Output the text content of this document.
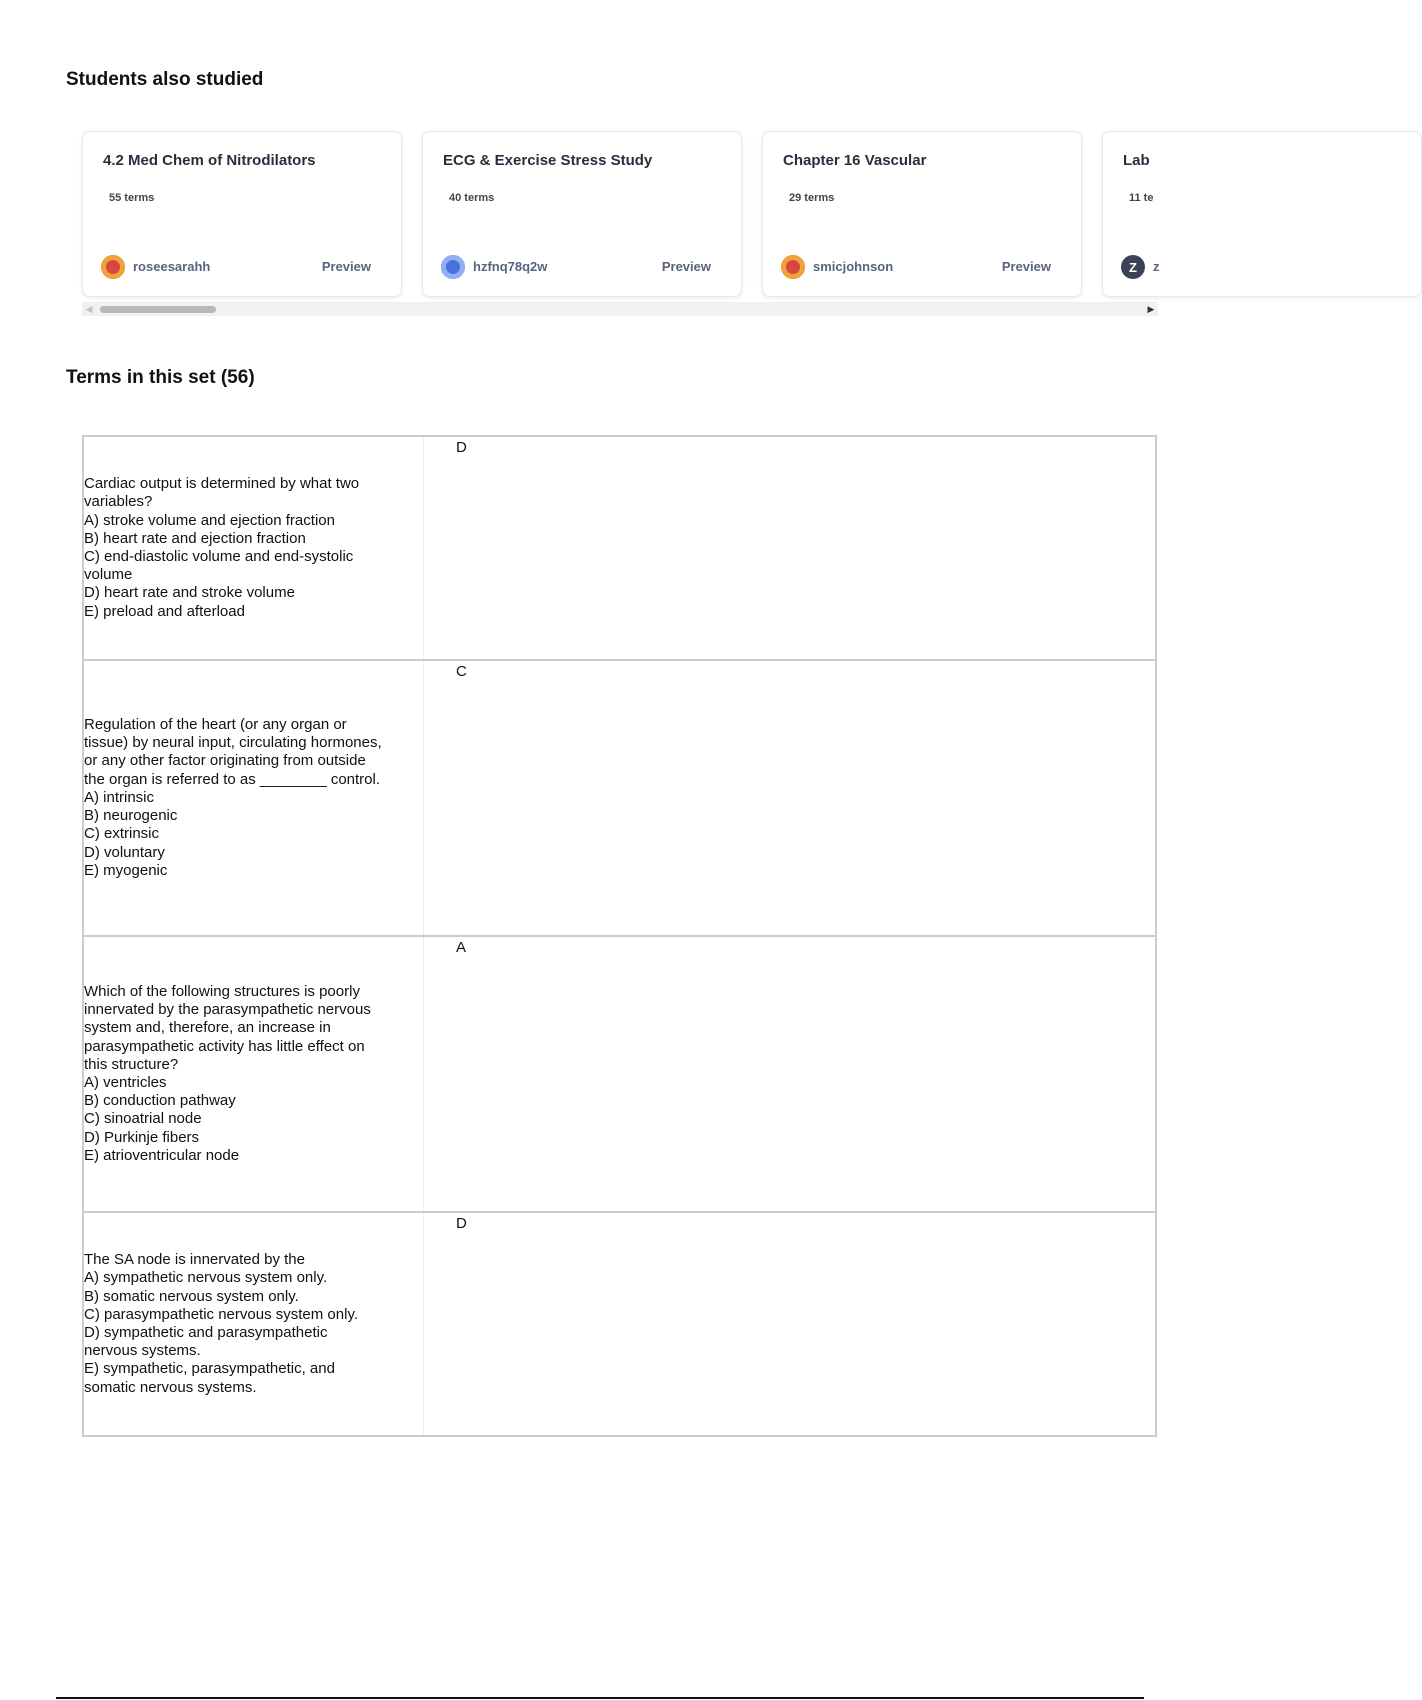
Students also studied
4.2 Med Chem of Nitrodilators
55 terms
roseesarahh	Preview
ECG & Exercise Stress Study
40 terms
hzfnq78q2w	Preview
Chapter 16 Vascular
29 terms
smicjohnson	Preview
Lab
11 te
Z	z
◀	▶
Terms in this set (56)
Cardiac output is determined by what two
variables?
A) stroke volume and ejection fraction
B) heart rate and ejection fraction
C) end-diastolic volume and end-systolic
volume
D) heart rate and stroke volume
E) preload and afterload
D
Regulation of the heart (or any organ or
tissue) by neural input, circulating hormones,
or any other factor originating from outside
the organ is referred to as ________ control.
A) intrinsic
B) neurogenic
C) extrinsic
D) voluntary
E) myogenic
C
Which of the following structures is poorly
innervated by the parasympathetic nervous
system and, therefore, an increase in
parasympathetic activity has little effect on
this structure?
A) ventricles
B) conduction pathway
C) sinoatrial node
D) Purkinje fibers
E) atrioventricular node
A
The SA node is innervated by the
A) sympathetic nervous system only.
B) somatic nervous system only.
C) parasympathetic nervous system only.
D) sympathetic and parasympathetic
nervous systems.
E) sympathetic, parasympathetic, and
somatic nervous systems.
D
